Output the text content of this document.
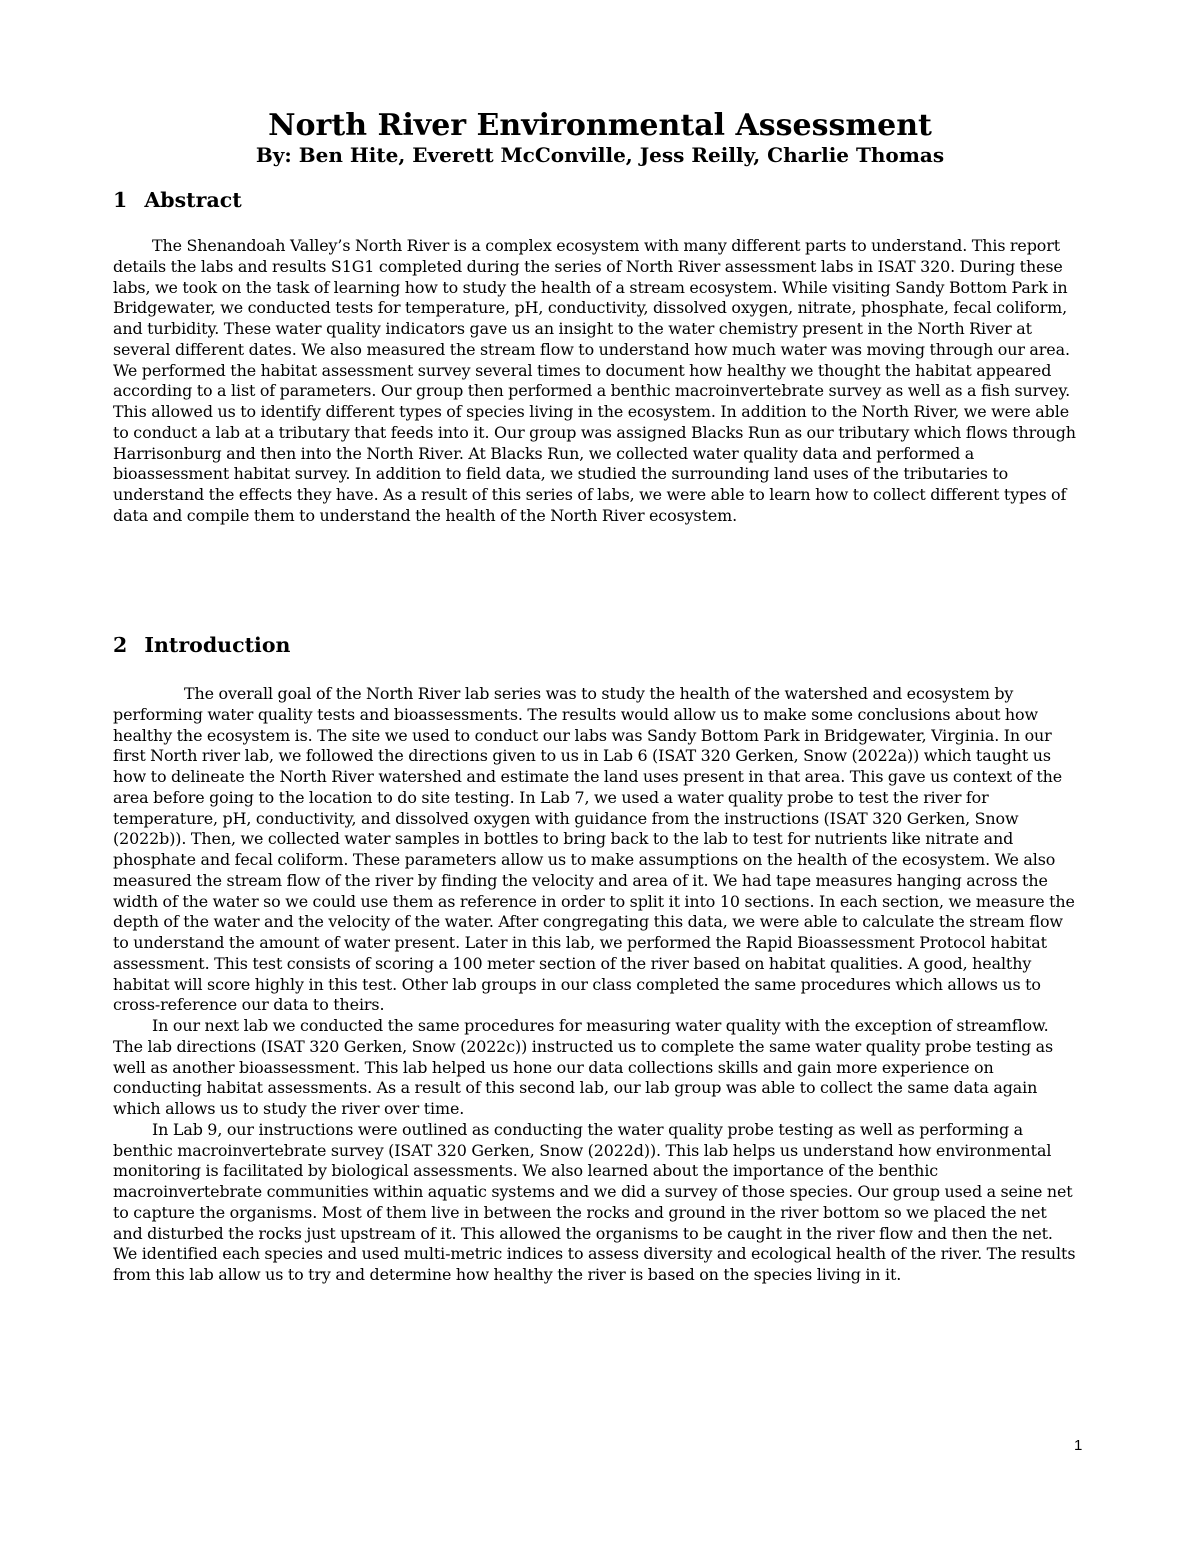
North River Environmental Assessment
By: Ben Hite, Everett McConville, Jess Reilly, Charlie Thomas
1 Abstract

The Shenandoah Valley’s North River is a complex ecosystem with many different parts to understand. This report details the labs and results S1G1 completed during the series of North River assessment labs in ISAT 320. During these labs, we took on the task of learning how to study the health of a stream ecosystem. While visiting Sandy Bottom Park in Bridgewater, we conducted tests for temperature, pH, conductivity, dissolved oxygen, nitrate, phosphate, fecal coliform, and turbidity. These water quality indicators gave us an insight to the water chemistry present in the North River at several different dates. We also measured the stream flow to understand how much water was moving through our area. We performed the habitat assessment survey several times to document how healthy we thought the habitat appeared according to a list of parameters. Our group then performed a benthic macroinvertebrate survey as well as a fish survey. This allowed us to identify different types of species living in the ecosystem. In addition to the North River, we were able to conduct a lab at a tributary that feeds into it. Our group was assigned Blacks Run as our tributary which flows through Harrisonburg and then into the North River. At Blacks Run, we collected water quality data and performed a bioassessment habitat survey. In addition to field data, we studied the surrounding land uses of the tributaries to understand the effects they have. As a result of this series of labs, we were able to learn how to collect different types of data and compile them to understand the health of the North River ecosystem.

2 Introduction

The overall goal of the North River lab series was to study the health of the watershed and ecosystem by performing water quality tests and bioassessments. The results would allow us to make some conclusions about how healthy the ecosystem is. The site we used to conduct our labs was Sandy Bottom Park in Bridgewater, Virginia. In our first North river lab, we followed the directions given to us in Lab 6 (ISAT 320 Gerken, Snow (2022a)) which taught us how to delineate the North River watershed and estimate the land uses present in that area. This gave us context of the area before going to the location to do site testing. In Lab 7, we used a water quality probe to test the river for temperature, pH, conductivity, and dissolved oxygen with guidance from the instructions (ISAT 320 Gerken, Snow (2022b)). Then, we collected water samples in bottles to bring back to the lab to test for nutrients like nitrate and phosphate and fecal coliform. These parameters allow us to make assumptions on the health of the ecosystem. We also measured the stream flow of the river by finding the velocity and area of it. We had tape measures hanging across the width of the water so we could use them as reference in order to split it into 10 sections. In each section, we measure the depth of the water and the velocity of the water. After congregating this data, we were able to calculate the stream flow to understand the amount of water present. Later in this lab, we performed the Rapid Bioassessment Protocol habitat assessment. This test consists of scoring a 100 meter section of the river based on habitat qualities. A good, healthy habitat will score highly in this test. Other lab groups in our class completed the same procedures which allows us to cross-reference our data to theirs.

In our next lab we conducted the same procedures for measuring water quality with the exception of streamflow. The lab directions (ISAT 320 Gerken, Snow (2022c)) instructed us to complete the same water quality probe testing as well as another bioassessment. This lab helped us hone our data collections skills and gain more experience on conducting habitat assessments. As a result of this second lab, our lab group was able to collect the same data again which allows us to study the river over time.

In Lab 9, our instructions were outlined as conducting the water quality probe testing as well as performing a benthic macroinvertebrate survey (ISAT 320 Gerken, Snow (2022d)). This lab helps us understand how environmental monitoring is facilitated by biological assessments. We also learned about the importance of the benthic macroinvertebrate communities within aquatic systems and we did a survey of those species. Our group used a seine net to capture the organisms. Most of them live in between the rocks and ground in the river bottom so we placed the net and disturbed the rocks just upstream of it. This allowed the organisms to be caught in the river flow and then the net. We identified each species and used multi-metric indices to assess diversity and ecological health of the river. The results from this lab allow us to try and determine how healthy the river is based on the species living in it.

1
